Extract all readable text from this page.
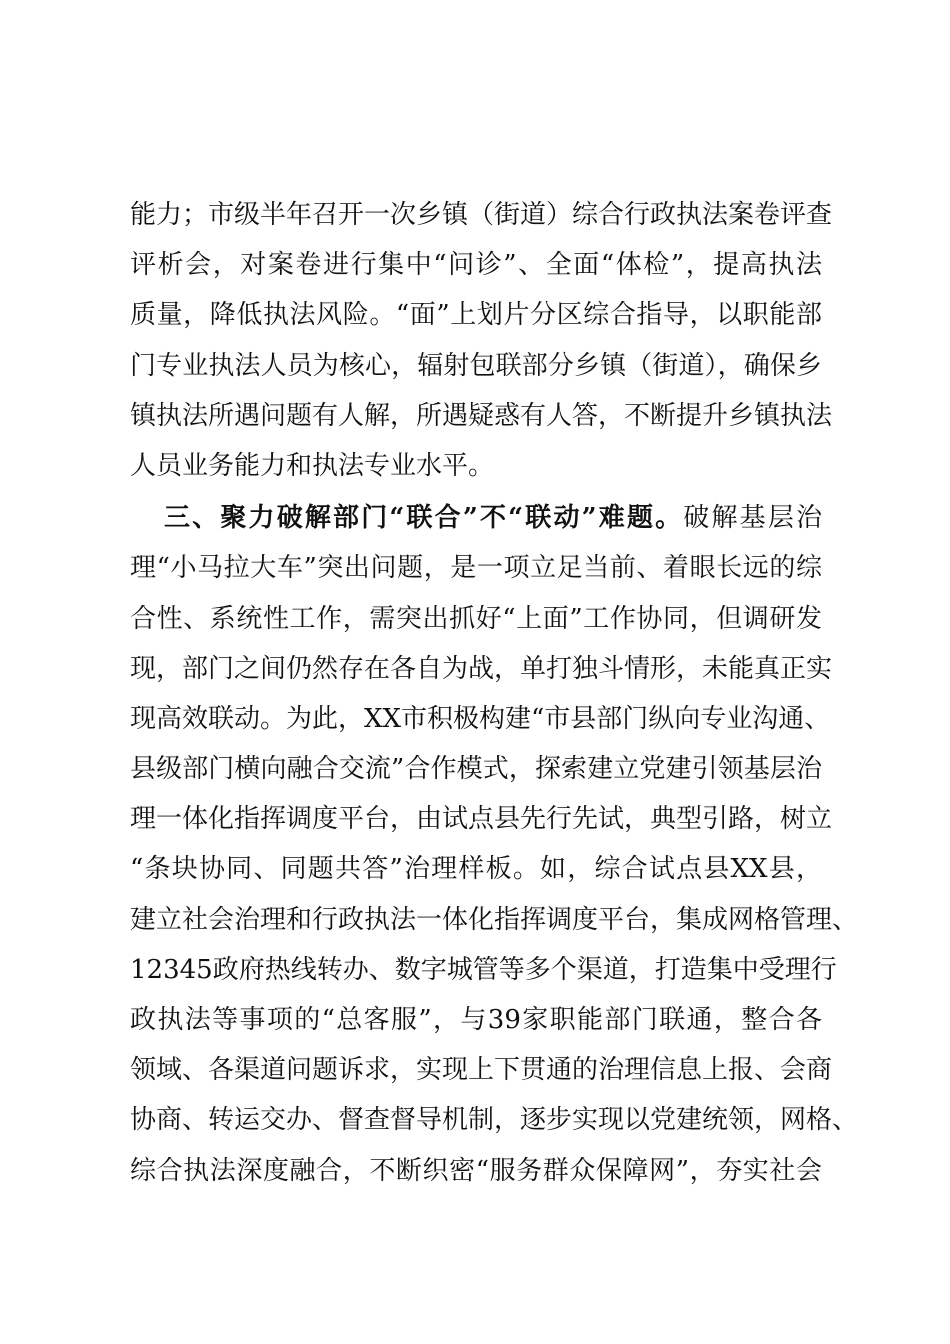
能力；市级半年召开一次乡镇（街道）综合行政执法案卷评查
评析会，对案卷进行集中“问诊”、全面“体检”，提高执法
质量，降低执法风险。“面”上划片分区综合指导，以职能部
门专业执法人员为核心，辐射包联部分乡镇（街道），确保乡
镇执法所遇问题有人解，所遇疑惑有人答，不断提升乡镇执法
人员业务能力和执法专业水平。
三、聚力破解部门“联合”不“联动”难题。破解基层治
理“小马拉大车”突出问题，是一项立足当前、着眼长远的综
合性、系统性工作，需突出抓好“上面”工作协同，但调研发
现，部门之间仍然存在各自为战，单打独斗情形，未能真正实
现高效联动。为此，XX市积极构建“市县部门纵向专业沟通、
县级部门横向融合交流”合作模式，探索建立党建引领基层治
理一体化指挥调度平台，由试点县先行先试，典型引路，树立
“条块协同、同题共答”治理样板。如，综合试点县XX县，
建立社会治理和行政执法一体化指挥调度平台，集成网格管理、
12345政府热线转办、数字城管等多个渠道，打造集中受理行
政执法等事项的“总客服”，与39家职能部门联通，整合各
领域、各渠道问题诉求，实现上下贯通的治理信息上报、会商
协商、转运交办、督查督导机制，逐步实现以党建统领，网格、
综合执法深度融合，不断织密“服务群众保障网”，夯实社会
